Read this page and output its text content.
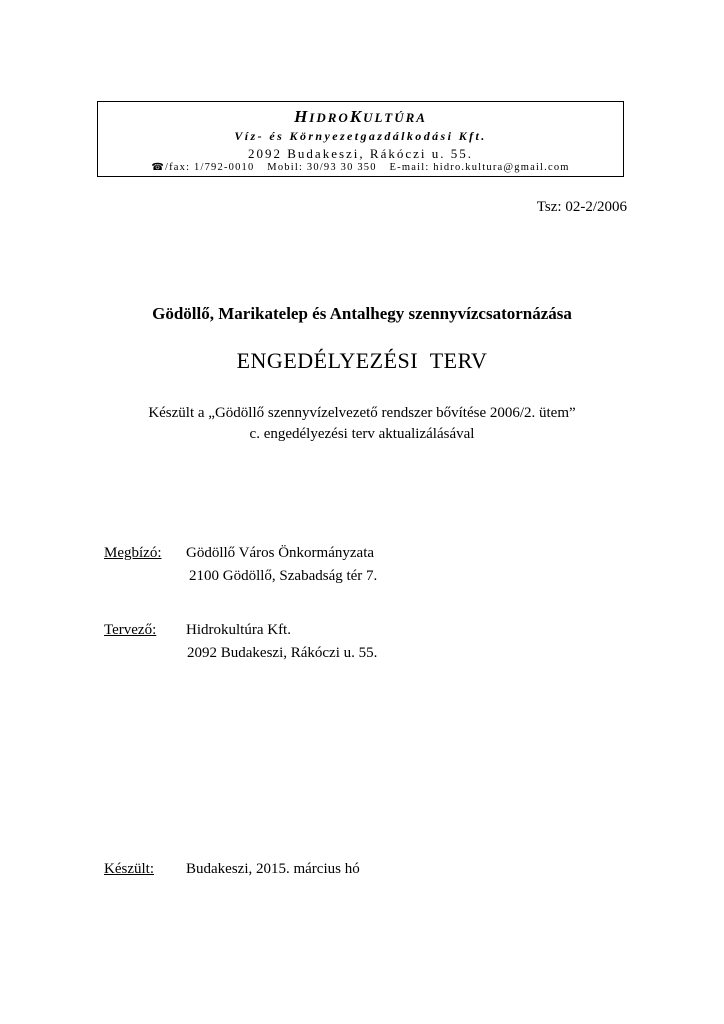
HIDROKULTÚRA
Víz- és Környezetgazdálkodási Kft.
2092 Budakeszi, Rákóczi u. 55.
☎/fax: 1/792-0010 Mobil: 30/93 30 350 E-mail: hidro.kultura@gmail.com
Tsz: 02-2/2006
Gödöllő, Marikatelep és Antalhegy szennyvízcsatornázása
ENGEDÉLYEZÉSI  TERV
Készült a „Gödöllő szennyvízelvezető rendszer bővítése 2006/2. ütem”
c. engedélyezési terv aktualizálásával
Megbízó: Gödöllő Város Önkormányzata
2100 Gödöllő, Szabadság tér 7.
Tervező: Hidrokultúra Kft.
2092 Budakeszi, Rákóczi u. 55.
Készült: Budakeszi, 2015. március hó
